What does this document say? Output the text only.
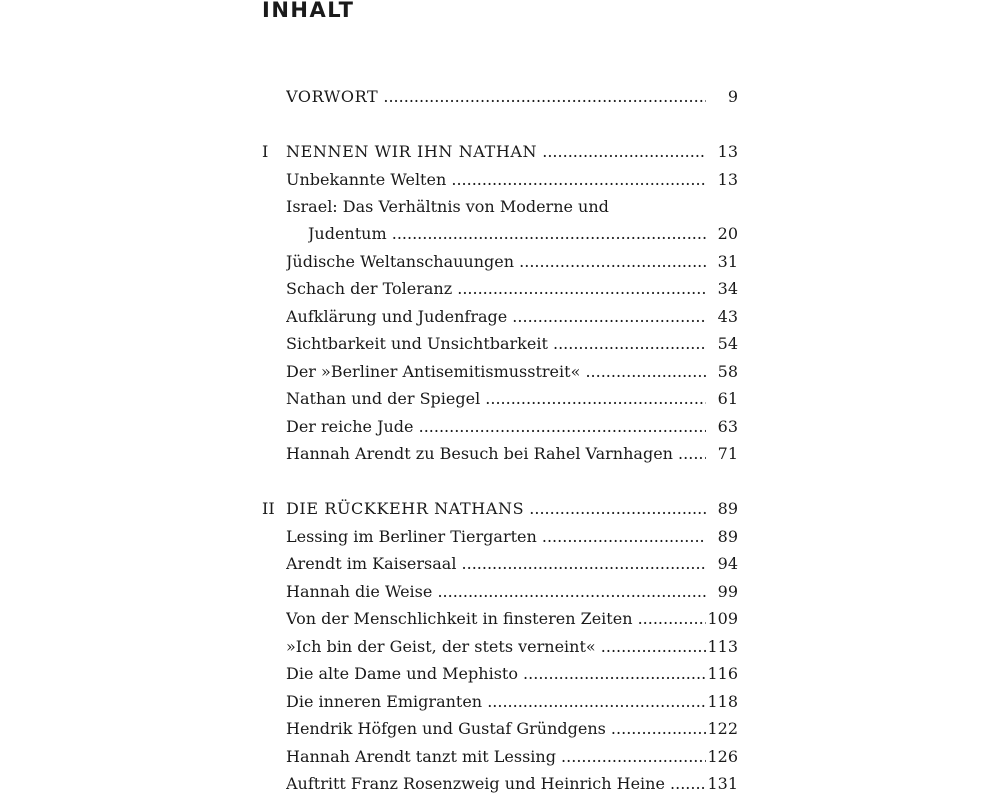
INHALT
VORWORT .....	9
I NENNEN WIR IHN NATHAN .....	13
Unbekannte Welten .....	13
Israel: Das Verhältnis von Moderne und
Judentum .....	20
Jüdische Weltanschauungen .....	31
Schach der Toleranz .....	34
Aufklärung und Judenfrage .....	43
Sichtbarkeit und Unsichtbarkeit .....	54
Der »Berliner Antisemitismusstreit« .....	58
Nathan und der Spiegel .....	61
Der reiche Jude .....	63
Hannah Arendt zu Besuch bei Rahel Varnhagen .....	71
II DIE RÜCKKEHR NATHANS .....	89
Lessing im Berliner Tiergarten .....	89
Arendt im Kaisersaal .....	94
Hannah die Weise .....	99
Von der Menschlichkeit in finsteren Zeiten .....	109
»Ich bin der Geist, der stets verneint« .....	113
Die alte Dame und Mephisto .....	116
Die inneren Emigranten .....	118
Hendrik Höfgen und Gustaf Gründgens .....	122
Hannah Arendt tanzt mit Lessing .....	126
Auftritt Franz Rosenzweig und Heinrich Heine .....	131
